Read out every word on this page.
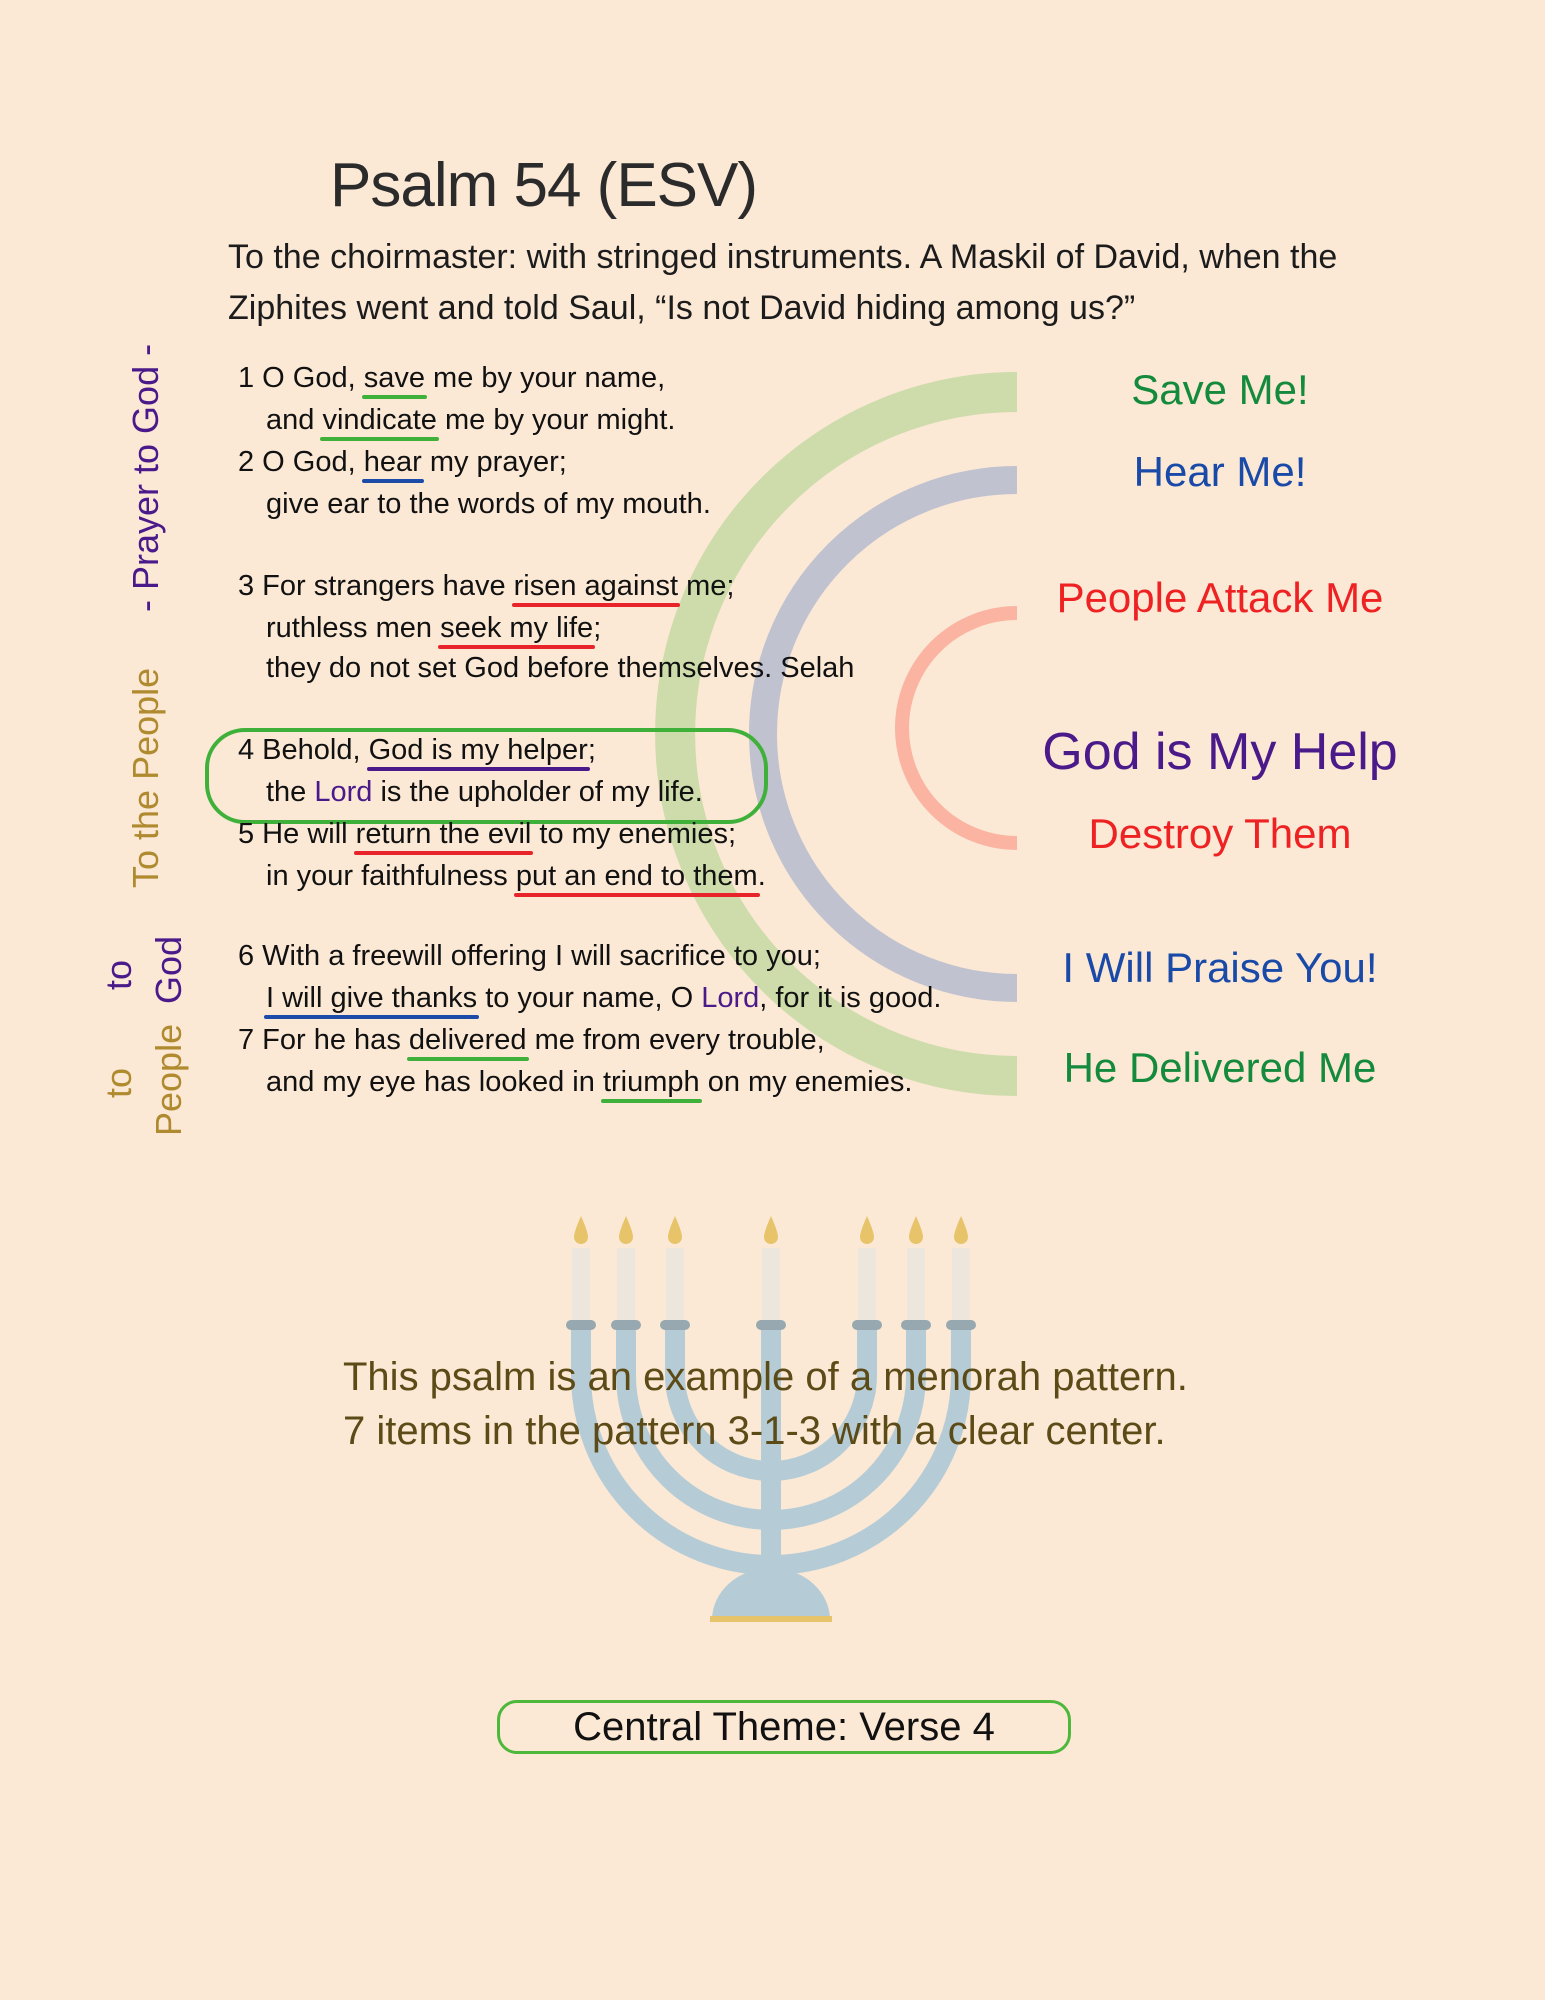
Psalm 54 (ESV)
To the choirmaster: with stringed instruments. A Maskil of David, when the Ziphites went and told Saul, “Is not David hiding among us?”
1 O God, save me by your name,
and vindicate me by your might.
2 O God, hear my prayer;
give ear to the words of my mouth.
3 For strangers have risen against me;
ruthless men seek my life;
they do not set God before themselves. Selah
4 Behold, God is my helper;
the Lord is the upholder of my life.
5 He will return the evil to my enemies;
in your faithfulness put an end to them.
6 With a freewill offering I will sacrifice to you;
I will give thanks to your name, O Lord, for it is good.
7 For he has delivered me from every trouble,
and my eye has looked in triumph on my enemies.
Save Me!
Hear Me!
People Attack Me
God is My Help
Destroy Them
I Will Praise You!
He Delivered Me
- Prayer to God -
To the People
to God
to People
This psalm is an example of a menorah pattern.
7 items in the pattern 3-1-3 with a clear center.
Central Theme: Verse 4
